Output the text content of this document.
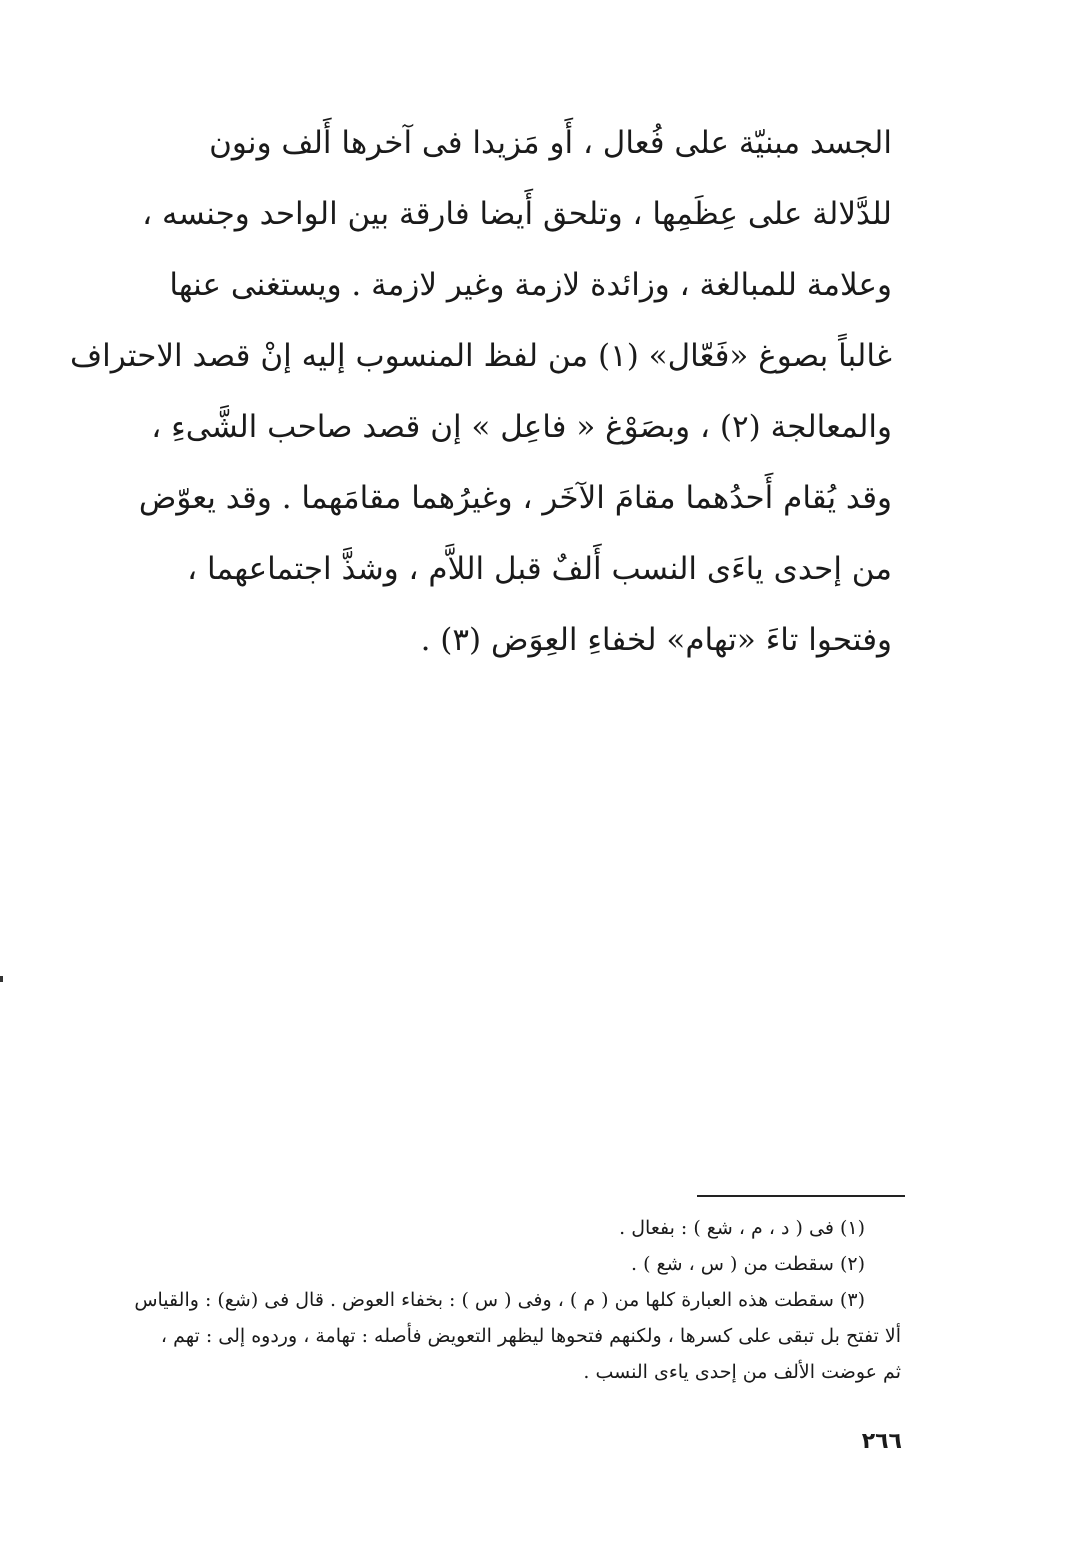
الجسد مبنيّة على فُعال ، أَو مَزيدا فى آخرها أَلف ونون
للدَّلالة على عِظَمِها ، وتلحق أَيضا فارقة بين الواحد وجنسه ،
وعلامة للمبالغة ، وزائدة لازمة وغير لازمة . ويستغنى عنها
غالباً بصوغ «فَعّال» (١) من لفظ المنسوب إليه إنْ قصد الاحتراف
والمعالجة (٢) ، وبصَوْغ « فاعِل » إن قصد صاحب الشَّىءِ ،
وقد يُقام أَحدُهما مقامَ الآخَر ، وغيرُهما مقامَهما . وقد يعوّض
من إحدى ياءَى النسب أَلفٌ قبل اللاَّم ، وشذَّ اجتماعهما ،
وفتحوا تاءَ «تهام» لخفاءِ العِوَض (٣) .
(١) فى ( د ، م ، شع ) : بفعال .
(٢) سقطت من ( س ، شع ) .
(٣) سقطت هذه العبارة كلها من ( م ) ، وفى ( س ) : بخفاء العوض . قال فى (شع) : والقياس
ألا تفتح بل تبقى على كسرها ، ولكنهم فتحوها ليظهر التعويض فأصله : تهامة ، وردوه إلى : تهم ،
ثم عوضت الألف من إحدى ياءى النسب .
٢٦٦
